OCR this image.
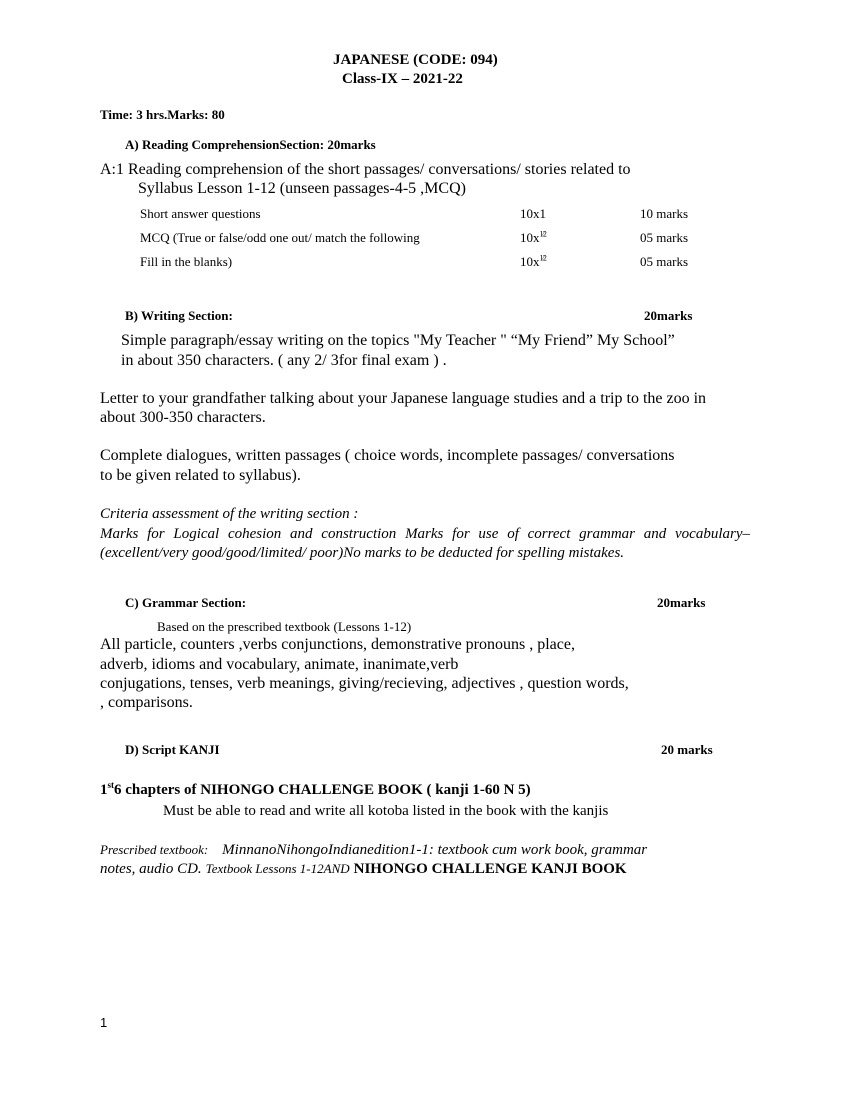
JAPANESE (CODE: 094)
Class-IX – 2021-22
Time: 3 hrs.Marks: 80
A) Reading ComprehensionSection: 20marks
A:1 Reading comprehension of the short passages/ conversations/ stories related to
Syllabus Lesson 1-12 (unseen passages-4-5 ,MCQ)
Short answer questions	10x1	10 marks
MCQ (True or false/odd one out/ match the following	$10x^{1⁄2}$	05 marks
Fill in the blanks)	$10x^{1⁄2}$	05 marks
B) Writing Section:	20marks
Simple paragraph/essay writing on the topics "My Teacher " “My Friend” My School”
in about 350 characters. ( any 2/ 3for final exam ) .
Letter to your grandfather talking about your Japanese language studies and a trip to the zoo in
about 300-350 characters.
Complete dialogues, written passages ( choice words, incomplete passages/ conversations
to be given related to syllabus).
Criteria assessment of the writing section :
Marks for Logical cohesion and construction Marks for use of correct grammar and vocabulary– (excellent/very good/good/limited/ poor)No marks to be deducted for spelling mistakes.
C) Grammar Section:	20marks
Based on the prescribed textbook (Lessons 1-12)
All particle, counters ,verbs conjunctions, demonstrative pronouns , place,
adverb, idioms and vocabulary, animate, inanimate,verb
conjugations, tenses, verb meanings, giving/recieving, adjectives , question words,
, comparisons.
D) Script KANJI	20 marks
1st6 chapters of NIHONGO CHALLENGE BOOK ( kanji 1-60 N 5)
Must be able to read and write all kotoba listed in the book with the kanjis
Prescribed textbook: MinnanoNihongoIndianedition1-1: textbook cum work book, grammar
notes, audio CD. Textbook Lessons 1-12AND NIHONGO CHALLENGE KANJI BOOK
1
